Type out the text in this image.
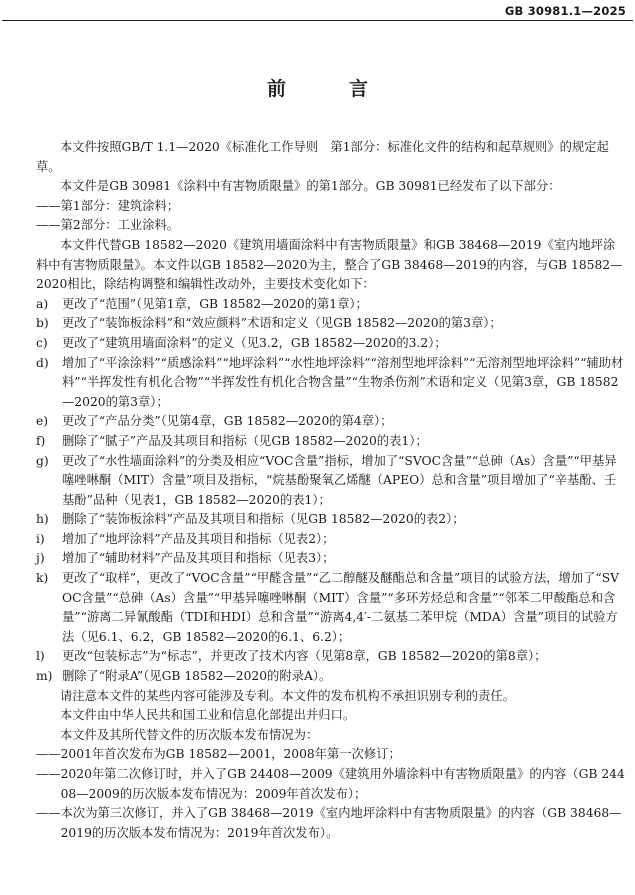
GB 30981.1—2025
前　言

本文件按照GB/T 1.1—2020《标准化工作导则　第1部分：标准化文件的结构和起草规则》的规定起草。

本文件是GB 30981《涂料中有害物质限量》的第1部分。GB 30981已经发布了以下部分：

——第1部分：建筑涂料；

——第2部分：工业涂料。

本文件代替GB 18582—2020《建筑用墙面涂料中有害物质限量》和GB 38468—2019《室内地坪涂料中有害物质限量》。本文件以GB 18582—2020为主，整合了GB 38468—2019的内容，与GB 18582—2020相比，除结构调整和编辑性改动外，主要技术变化如下：

a)	更改了“范围”（见第1章，GB 18582—2020的第1章）；
b)	更改了“装饰板涂料”和“效应颜料”术语和定义（见GB 18582—2020的第3章）；
c)	更改了“建筑用墙面涂料”的定义（见3.2，GB 18582—2020的3.2）；
d)	增加了“平涂涂料”“质感涂料”“地坪涂料”“水性地坪涂料”“溶剂型地坪涂料”“无溶剂型地坪涂料”“辅助材料”“半挥发性有机化合物”“半挥发性有机化合物含量”“生物杀伤剂”术语和定义（见第3章，GB 18582—2020的第3章）；
e)	更改了“产品分类”（见第4章，GB 18582—2020的第4章）；
f)	删除了“腻子”产品及其项目和指标（见GB 18582—2020的表1）；
g)	更改了“水性墙面涂料”的分类及相应“VOC含量”指标，增加了“SVOC含量”“总砷（As）含量”“甲基异噻唑啉酮（MIT）含量”项目及指标，“烷基酚聚氧乙烯醚（APEO）总和含量”项目增加了“辛基酚、壬基酚”品种（见表1，GB 18582—2020的表1）；
h)	删除了“装饰板涂料”产品及其项目和指标（见GB 18582—2020的表2）；
i)	增加了“地坪涂料”产品及其项目和指标（见表2）；
j)	增加了“辅助材料”产品及其项目和指标（见表3）；
k)	更改了“取样”，更改了“VOC含量”“甲醛含量”“乙二醇醚及醚酯总和含量”项目的试验方法，增加了“SVOC含量”“总砷（As）含量”“甲基异噻唑啉酮（MIT）含量”“多环芳烃总和含量”“邻苯二甲酸酯总和含量”“游离二异氰酸酯（TDI和HDI）总和含量”“游离4,4′-二氨基二苯甲烷（MDA）含量”项目的试验方法（见6.1、6.2，GB 18582—2020的6.1、6.2）；
l)	更改“包装标志”为“标志”，并更改了技术内容（见第8章，GB 18582—2020的第8章）；
m) 删除了“附录A”（见GB 18582—2020的附录A）。

请注意本文件的某些内容可能涉及专利。本文件的发布机构不承担识别专利的责任。

本文件由中华人民共和国工业和信息化部提出并归口。

本文件及其所代替文件的历次版本发布情况为：

—— 2001年首次发布为GB 18582—2001，2008年第一次修订；
—— 2020年第二次修订时，并入了GB 24408—2009《建筑用外墙涂料中有害物质限量》的内容（GB 24408—2009的历次版本发布情况为：2009年首次发布）；
—— 本次为第三次修订，并入了GB 38468—2019《室内地坪涂料中有害物质限量》的内容（GB 38468—2019的历次版本发布情况为：2019年首次发布）。
